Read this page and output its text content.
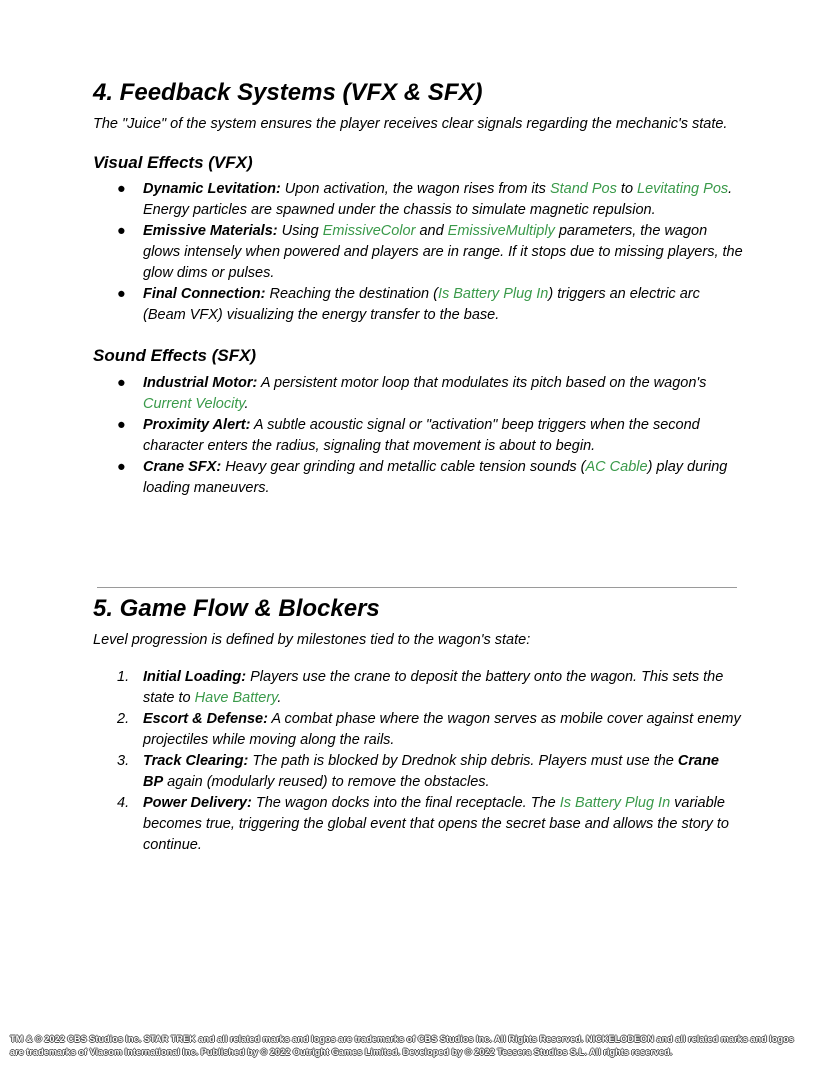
4. Feedback Systems (VFX & SFX)

The "Juice" of the system ensures the player receives clear signals regarding the mechanic's state.

Visual Effects (VFX)
● Dynamic Levitation: Upon activation, the wagon rises from its Stand Pos to Levitating Pos. Energy particles are spawned under the chassis to simulate magnetic repulsion.
● Emissive Materials: Using EmissiveColor and EmissiveMultiply parameters, the wagon glows intensely when powered and players are in range. If it stops due to missing players, the glow dims or pulses.
● Final Connection: Reaching the destination (Is Battery Plug In) triggers an electric arc (Beam VFX) visualizing the energy transfer to the base.
Sound Effects (SFX)
● Industrial Motor: A persistent motor loop that modulates its pitch based on the wagon's Current Velocity.
● Proximity Alert: A subtle acoustic signal or "activation" beep triggers when the second character enters the radius, signaling that movement is about to begin.
● Crane SFX: Heavy gear grinding and metallic cable tension sounds (AC Cable) play during loading maneuvers.
5. Game Flow & Blockers

Level progression is defined by milestones tied to the wagon's state:

1. Initial Loading: Players use the crane to deposit the battery onto the wagon. This sets the state to Have Battery.
2. Escort & Defense: A combat phase where the wagon serves as mobile cover against enemy projectiles while moving along the rails.
3. Track Clearing: The path is blocked by Drednok ship debris. Players must use the Crane BP again (modularly reused) to remove the obstacles.
4. Power Delivery: The wagon docks into the final receptacle. The Is Battery Plug In variable becomes true, triggering the global event that opens the secret base and allows the story to continue.
TM & © 2022 CBS Studios Inc. STAR TREK and all related marks and logos are trademarks of CBS Studios Inc. All Rights Reserved. NICKELODEON and all related marks and logos are trademarks of Viacom International Inc. Published by © 2022 Outright Games Limited. Developed by © 2022 Tessera Studios S.L. All rights reserved.
